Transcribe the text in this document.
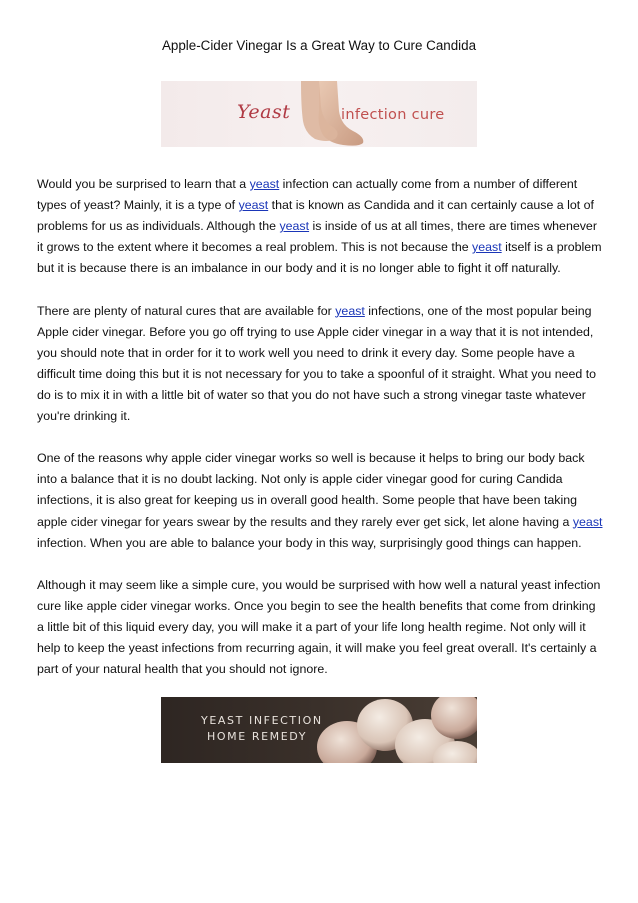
Apple-Cider Vinegar Is a Great Way to Cure Candida
Yeast	infection cure

Would you be surprised to learn that a yeast infection can actually come from a number of different types of yeast? Mainly, it is a type of yeast that is known as Candida and it can certainly cause a lot of problems for us as individuals. Although the yeast is inside of us at all times, there are times whenever it grows to the extent where it becomes a real problem. This is not because the yeast itself is a problem but it is because there is an imbalance in our body and it is no longer able to fight it off naturally.

There are plenty of natural cures that are available for yeast infections, one of the most popular being Apple cider vinegar. Before you go off trying to use Apple cider vinegar in a way that it is not intended, you should note that in order for it to work well you need to drink it every day. Some people have a difficult time doing this but it is not necessary for you to take a spoonful of it straight. What you need to do is to mix it in with a little bit of water so that you do not have such a strong vinegar taste whatever you're drinking it.

One of the reasons why apple cider vinegar works so well is because it helps to bring our body back into a balance that it is no doubt lacking. Not only is apple cider vinegar good for curing Candida infections, it is also great for keeping us in overall good health. Some people that have been taking apple cider vinegar for years swear by the results and they rarely ever get sick, let alone having a yeast infection. When you are able to balance your body in this way, surprisingly good things can happen.

Although it may seem like a simple cure, you would be surprised with how well a natural yeast infection cure like apple cider vinegar works. Once you begin to see the health benefits that come from drinking a little bit of this liquid every day, you will make it a part of your life long health regime. Not only will it help to keep the yeast infections from recurring again, it will make you feel great overall. It's certainly a part of your natural health that you should not ignore.

YEAST INFECTION
HOME REMEDY
